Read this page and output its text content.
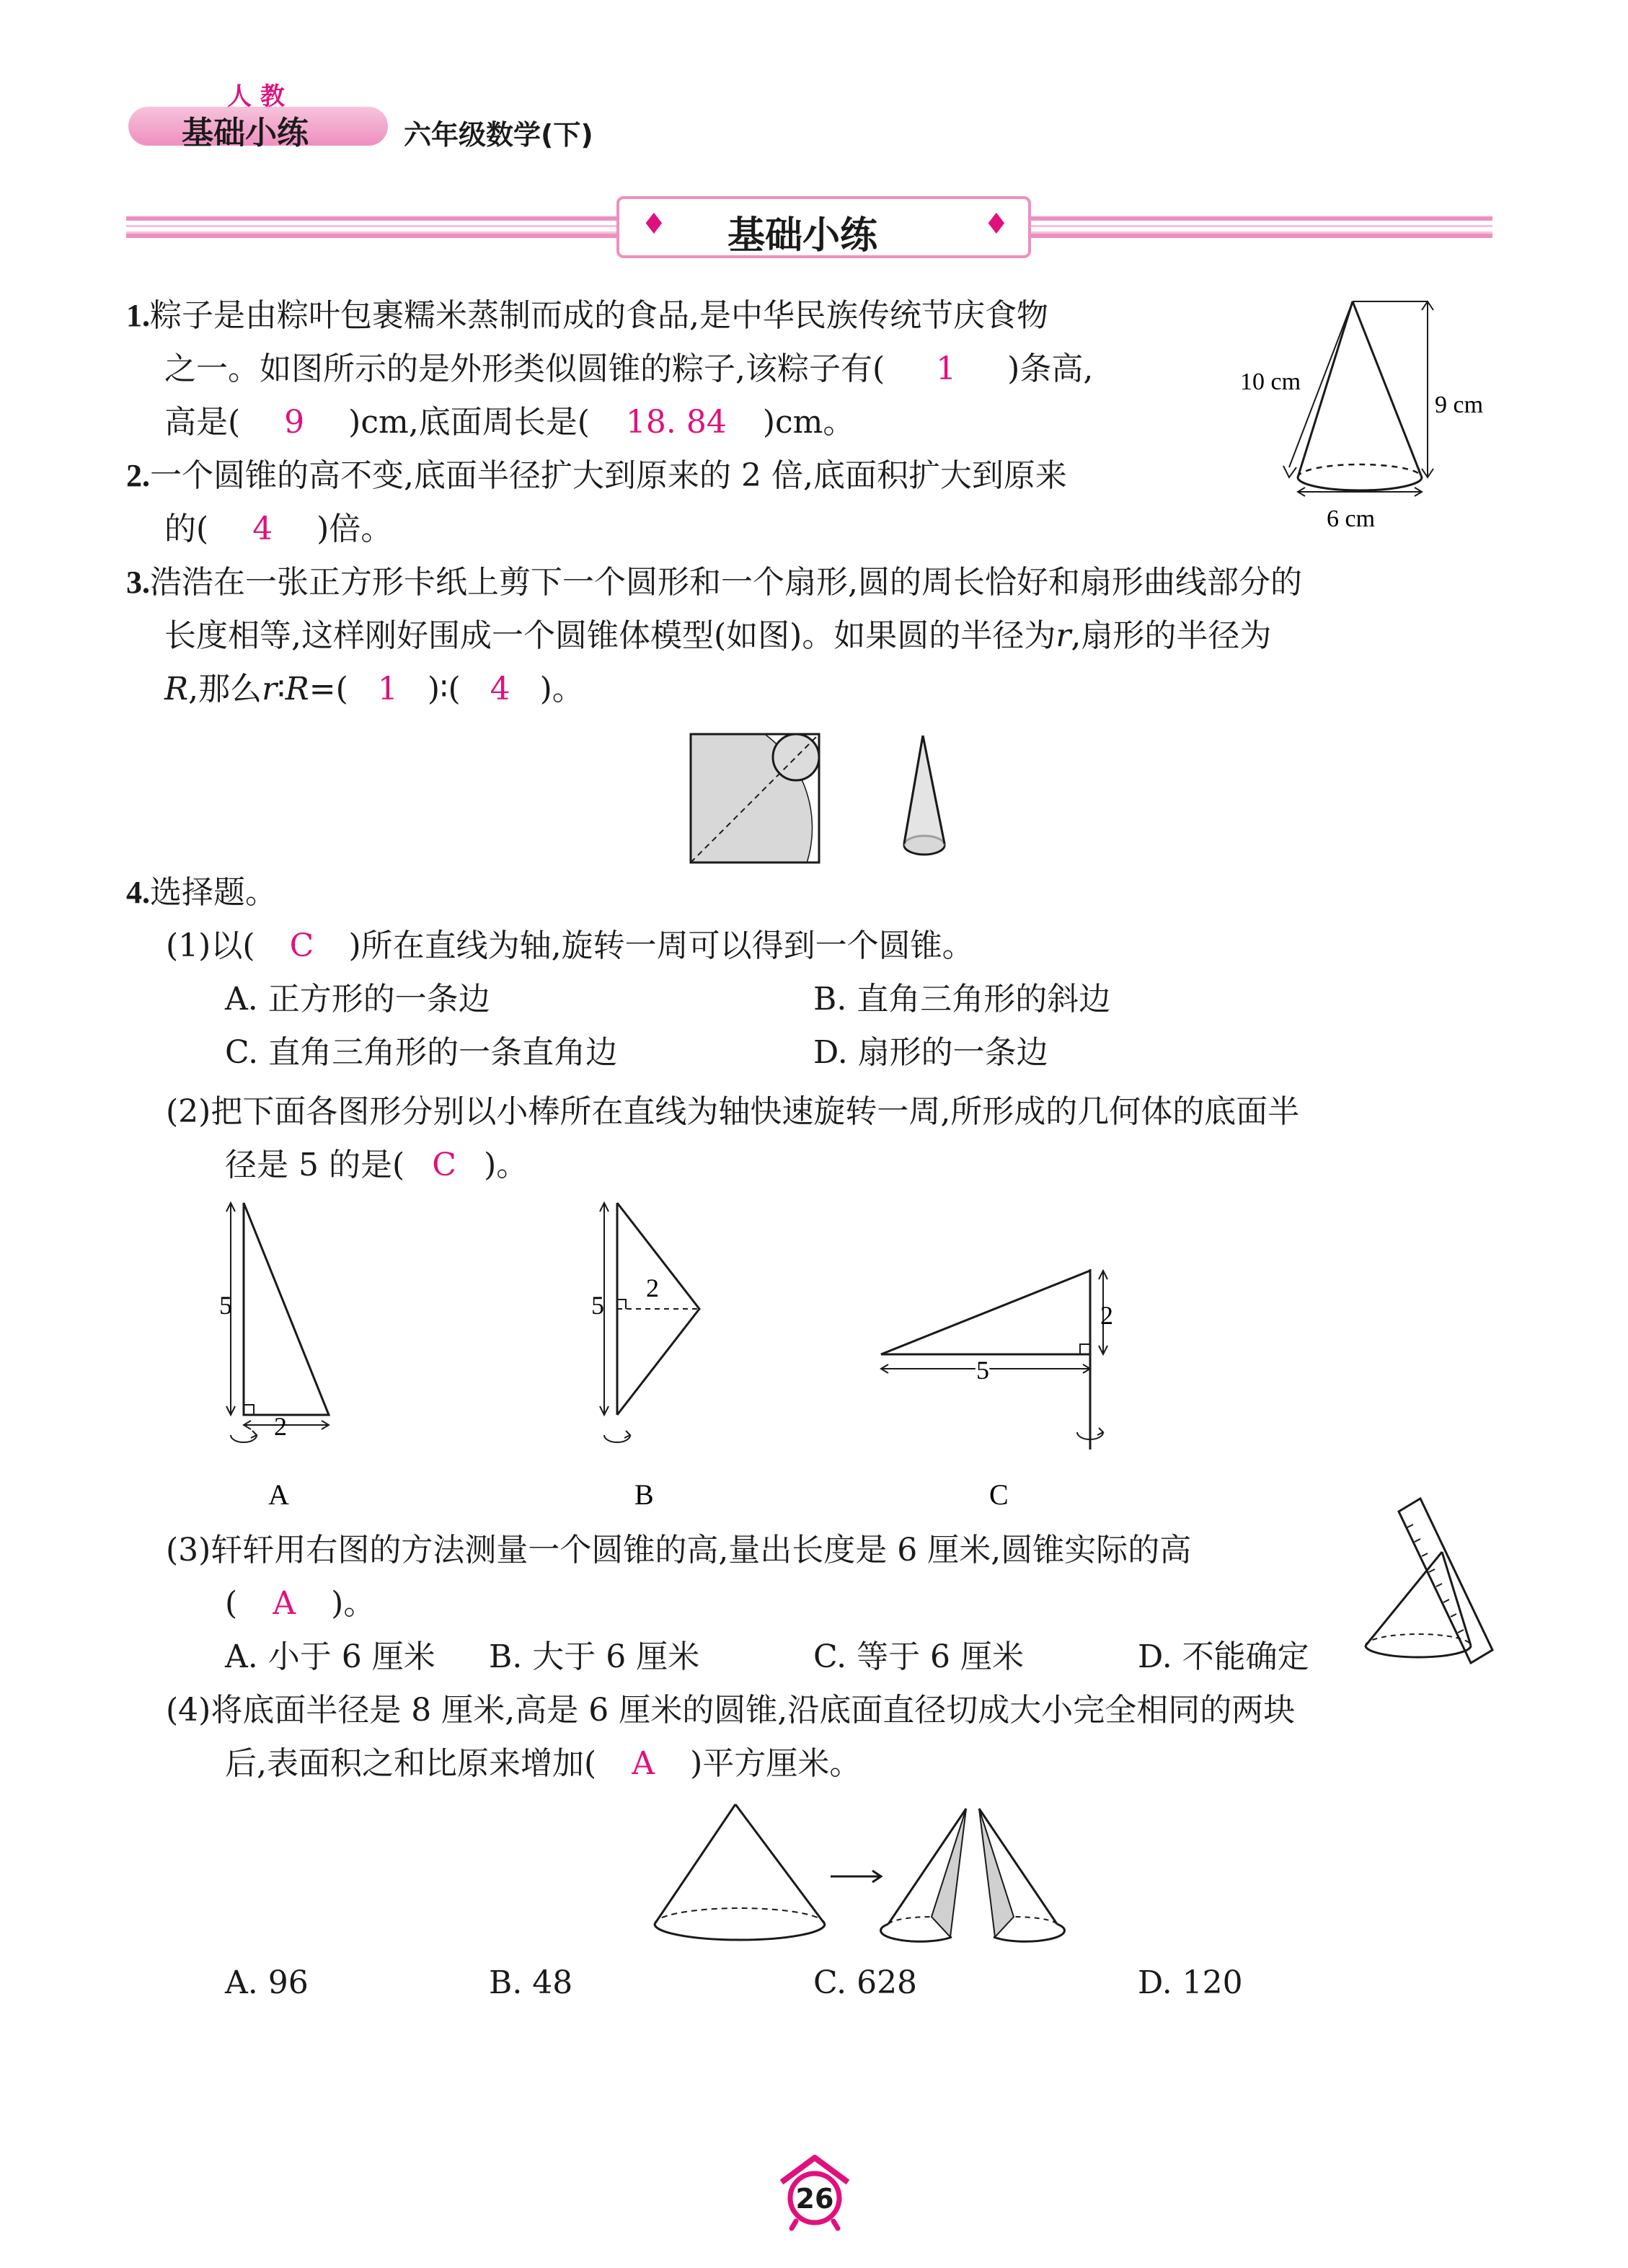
人 教
基础小练	六年级数学(下)
♦ 基础小练	♦
1.粽子是由粽叶包裹糯米蒸制而成的食品,是中华民族传统节庆食物
之一。如图所示的是外形类似圆锥的粽子,该粽子有( 1 )条高,
高是( 9 )cm,底面周长是( 18. 84 )cm。
10 cm
9 cm
6 cm
2.一个圆锥的高不变,底面半径扩大到原来的 2 倍,底面积扩大到原来
的( 4 )倍。
3.浩浩在一张正方形卡纸上剪下一个圆形和一个扇形,圆的周长恰好和扇形曲线部分的
长度相等,这样刚好围成一个圆锥体模型(如图)。如果圆的半径为r,扇形的半径为
R,那么r∶R=( 1 )∶( 4 )。
4.选择题。
(1)以( C )所在直线为轴,旋转一周可以得到一个圆锥。
A. 正方形的一条边	B. 直角三角形的斜边
C. 直角三角形的一条直角边	D. 扇形的一条边
(2)把下面各图形分别以小棒所在直线为轴快速旋转一周,所形成的几何体的底面半
径是 5 的是( C )。
5
2
A
5
2
B
2
5
C
(3)轩轩用右图的方法测量一个圆锥的高,量出长度是 6 厘米,圆锥实际的高
( A )。
A. 小于 6 厘米 B. 大于 6 厘米	C. 等于 6 厘米	D. 不能确定
(4)将底面半径是 8 厘米,高是 6 厘米的圆锥,沿底面直径切成大小完全相同的两块
后,表面积之和比原来增加( A )平方厘米。
A. 96	B. 48	C. 628	D. 120
26
